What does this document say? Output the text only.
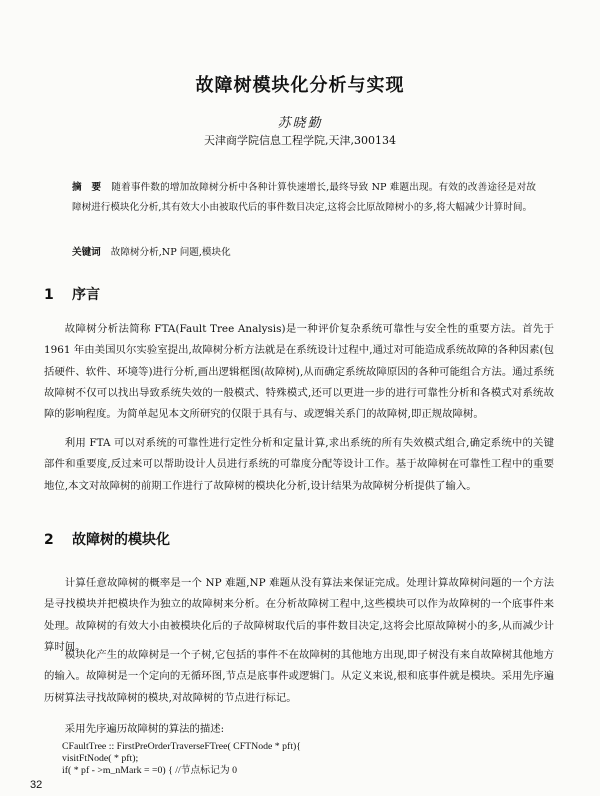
故障树模块化分析与实现
苏晓勤
天津商学院信息工程学院,天津,300134

摘　要 随着事件数的增加故障树分析中各种计算快速增长,最终导致 NP 难题出现。有效的改善途径是对故障树进行模块化分析,其有效大小由被取代后的事件数目决定,这将会比原故障树小的多,将大幅减少计算时间。

关键词 故障树分析,NP 问题,模块化
1 序言

故障树分析法简称 FTA(Fault Tree Analysis)是一种评价复杂系统可靠性与安全性的重要方法。首先于 1961 年由美国贝尔实验室提出,故障树分析方法就是在系统设计过程中,通过对可能造成系统故障的各种因素(包括硬件、软件、环境等)进行分析,画出逻辑框图(故障树),从而确定系统故障原因的各种可能组合方法。通过系统故障树不仅可以找出导致系统失效的一般模式、特殊模式,还可以更进一步的进行可靠性分析和各模式对系统故障的影响程度。为简单起见本文所研究的仅限于具有与、或逻辑关系门的故障树,即正规故障树。

利用 FTA 可以对系统的可靠性进行定性分析和定量计算,求出系统的所有失效模式组合,确定系统中的关键部件和重要度,反过来可以帮助设计人员进行系统的可靠度分配等设计工作。基于故障树在可靠性工程中的重要地位,本文对故障树的前期工作进行了故障树的模块化分析,设计结果为故障树分析提供了输入。

2 故障树的模块化

计算任意故障树的概率是一个 NP 难题,NP 难题从没有算法来保证完成。处理计算故障树问题的一个方法是寻找模块并把模块作为独立的故障树来分析。在分析故障树工程中,这些模块可以作为故障树的一个底事件来处理。故障树的有效大小由被模块化后的子故障树取代后的事件数目决定,这将会比原故障树小的多,从而减少计算时间。

模块化产生的故障树是一个子树,它包括的事件不在故障树的其他地方出现,即子树没有来自故障树其他地方的输入。故障树是一个定向的无循环图,节点是底事件或逻辑门。从定义来说,根和底事件就是模块。采用先序遍历树算法寻找故障树的模块,对故障树的节点进行标记。

采用先序遍历故障树的算法的描述:

CFaultTree :: FirstPreOrderTraverseFTree( CFTNode * pft){
visitFtNode( * pft);
if( * pf - >m_nMark = =0) { //节点标记为 0
32
